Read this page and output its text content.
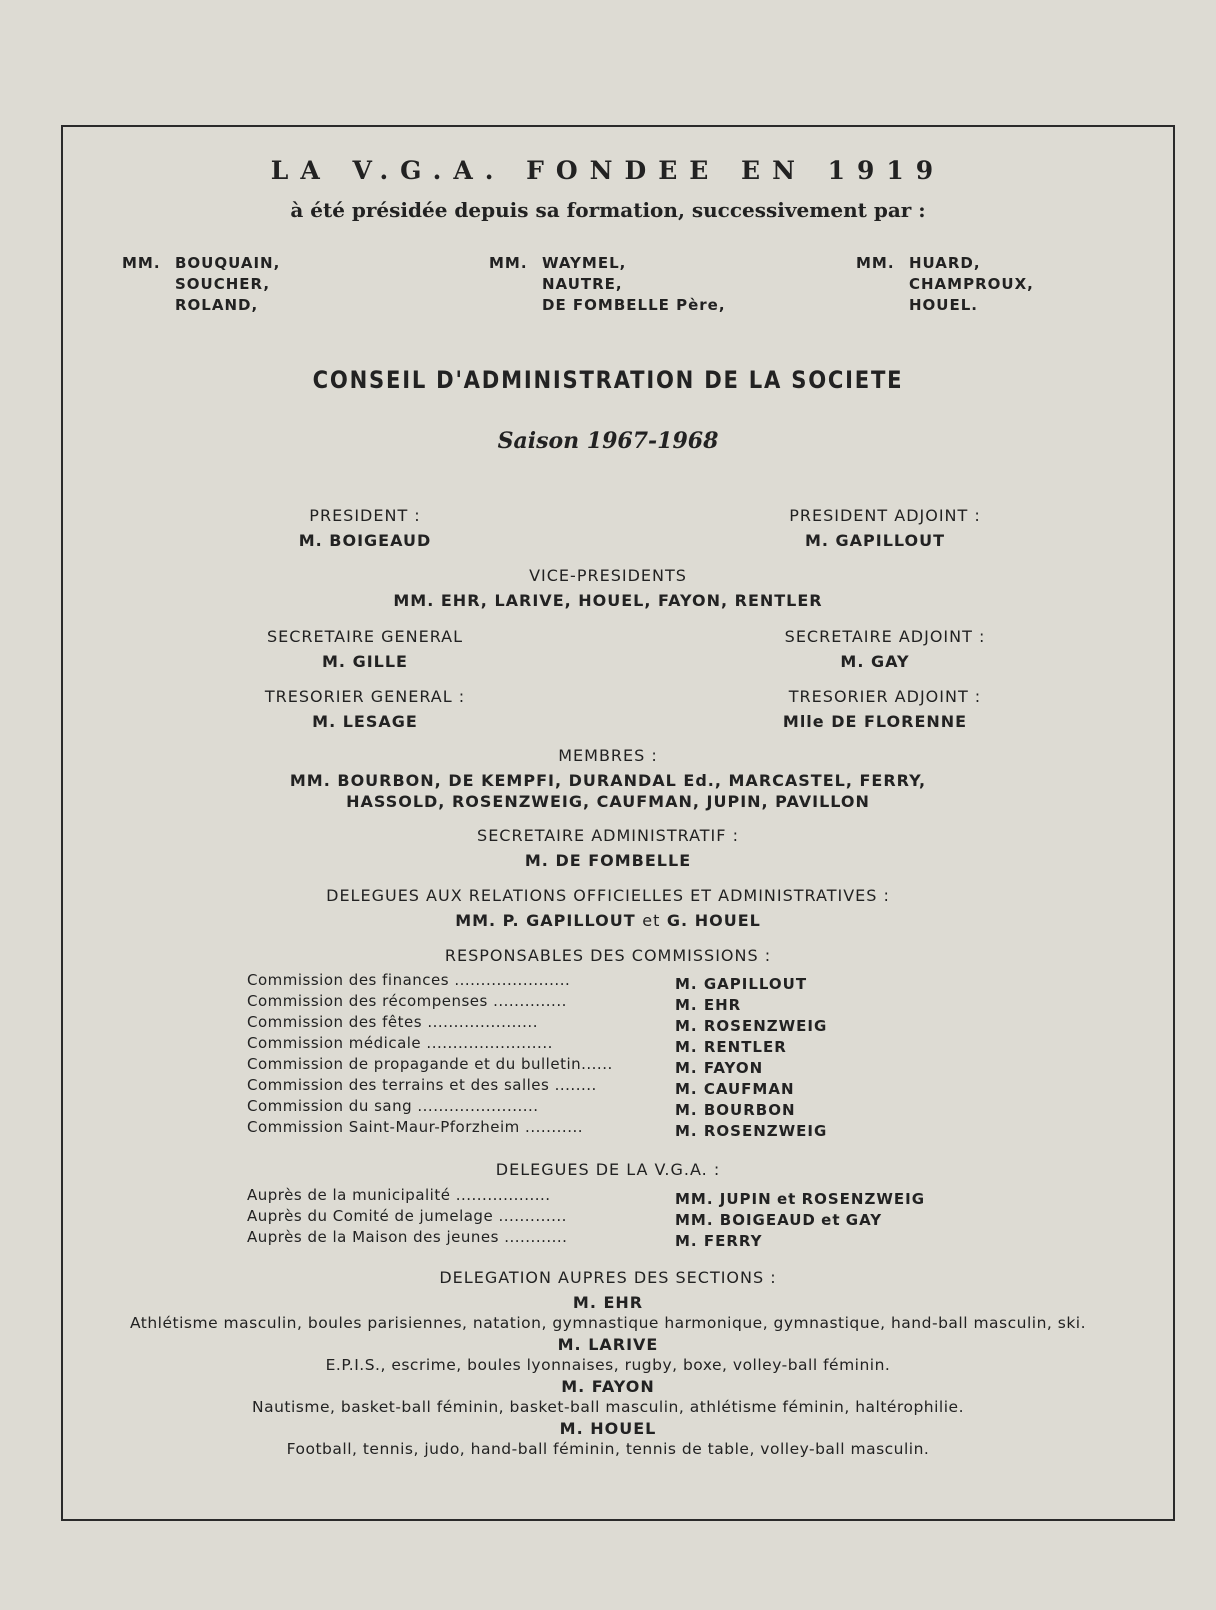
LA V.G.A. FONDEE EN 1919
à été présidée depuis sa formation, successivement par :
MM. BOUQUAIN,
SOUCHER,
ROLAND,
MM. WAYMEL,
NAUTRE,
DE FOMBELLE Père,
MM. HUARD,
CHAMPROUX,
HOUEL.
CONSEIL D'ADMINISTRATION DE LA SOCIETE
Saison 1967-1968
PRESIDENT :
M. BOIGEAUD
PRESIDENT ADJOINT :
M. GAPILLOUT
VICE-PRESIDENTS
MM. EHR, LARIVE, HOUEL, FAYON, RENTLER
SECRETAIRE GENERAL
M. GILLE
SECRETAIRE ADJOINT :
M. GAY
TRESORIER GENERAL :
M. LESAGE
TRESORIER ADJOINT :
Mlle DE FLORENNE
MEMBRES :
MM. BOURBON, DE KEMPFI, DURANDAL Ed., MARCASTEL, FERRY,
HASSOLD, ROSENZWEIG, CAUFMAN, JUPIN, PAVILLON
SECRETAIRE ADMINISTRATIF :
M. DE FOMBELLE
DELEGUES AUX RELATIONS OFFICIELLES ET ADMINISTRATIVES :
MM. P. GAPILLOUT et G. HOUEL
RESPONSABLES DES COMMISSIONS :
Commission des finances ......................	M. GAPILLOUT
Commission des récompenses ..............	M. EHR
Commission des fêtes .....................	M. ROSENZWEIG
Commission médicale ........................	M. RENTLER
Commission de propagande et du bulletin......	M. FAYON
Commission des terrains et des salles ........	M. CAUFMAN
Commission du sang .......................	M. BOURBON
Commission Saint-Maur-Pforzheim ...........	M. ROSENZWEIG
DELEGUES DE LA V.G.A. :
Auprès de la municipalité ..................	MM. JUPIN et ROSENZWEIG
Auprès du Comité de jumelage .............	MM. BOIGEAUD et GAY
Auprès de la Maison des jeunes ............	M. FERRY
DELEGATION AUPRES DES SECTIONS :
M. EHR
Athlétisme masculin, boules parisiennes, natation, gymnastique harmonique, gymnastique, hand-ball masculin, ski.
M. LARIVE
E.P.I.S., escrime, boules lyonnaises, rugby, boxe, volley-ball féminin.
M. FAYON
Nautisme, basket-ball féminin, basket-ball masculin, athlétisme féminin, haltérophilie.
M. HOUEL
Football, tennis, judo, hand-ball féminin, tennis de table, volley-ball masculin.
